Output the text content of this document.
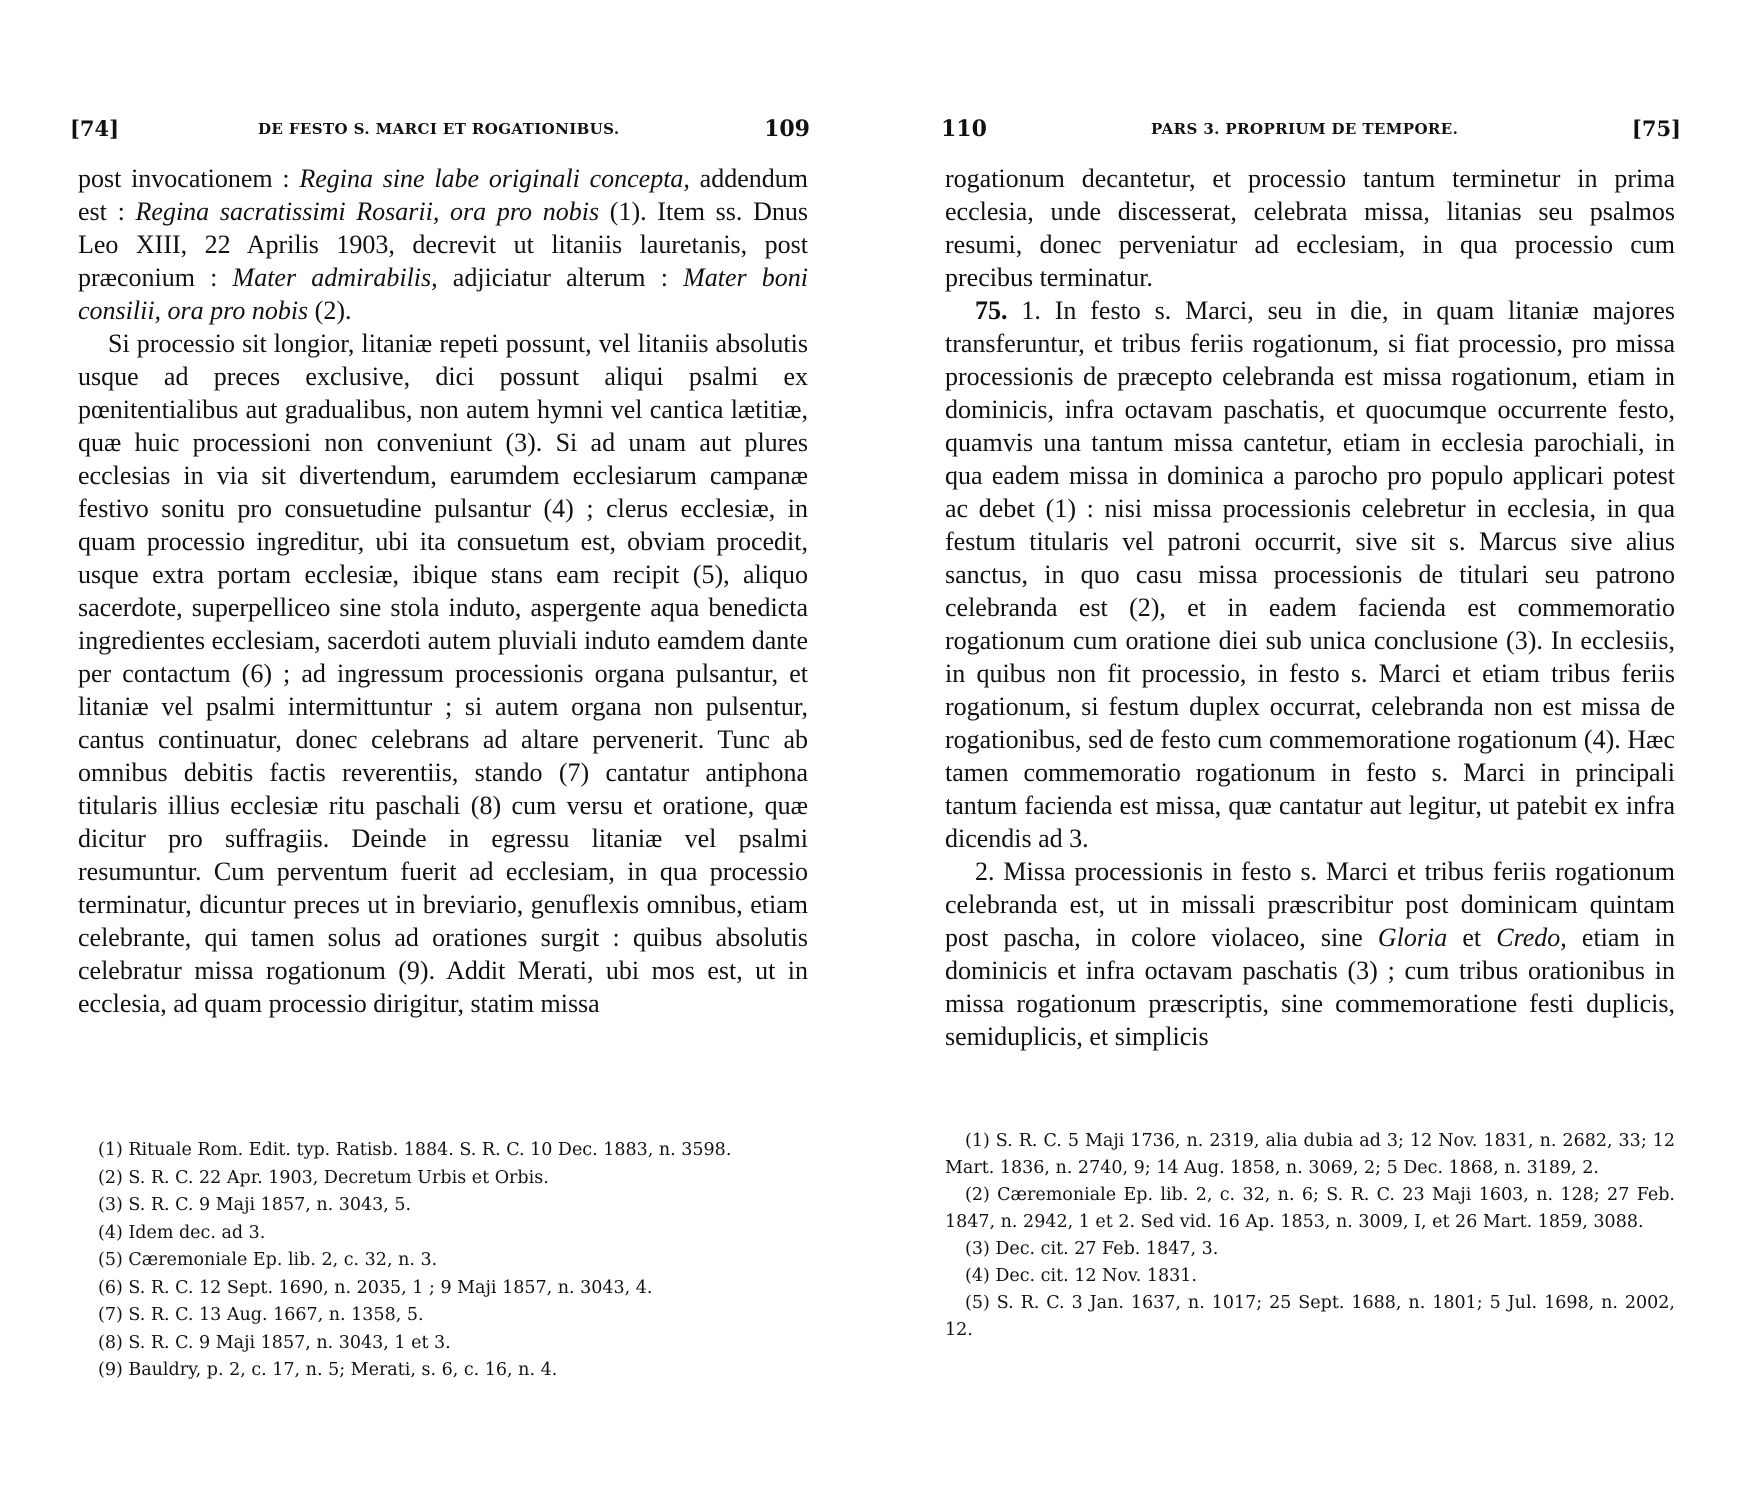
[74]	DE FESTO S. MARCI ET ROGATIONIBUS.	109

post invocationem : Regina sine labe originali concepta, addendum est : Regina sacratissimi Rosarii, ora pro nobis (1). Item ss. Dnus Leo XIII, 22 Aprilis 1903, decrevit ut litaniis lauretanis, post præconium : Mater admirabilis, adjiciatur alterum : Mater boni consilii, ora pro nobis (2).

Si processio sit longior, litaniæ repeti possunt, vel litaniis absolutis usque ad preces exclusive, dici possunt aliqui psalmi ex pœnitentialibus aut gradualibus, non autem hymni vel cantica lætitiæ, quæ huic processioni non conveniunt (3). Si ad unam aut plures ecclesias in via sit divertendum, earumdem ecclesiarum campanæ festivo sonitu pro consuetudine pulsantur (4) ; clerus ecclesiæ, in quam processio ingreditur, ubi ita consuetum est, obviam procedit, usque extra portam ecclesiæ, ibique stans eam recipit (5), aliquo sacerdote, superpelliceo sine stola induto, aspergente aqua benedicta ingredientes ecclesiam, sacerdoti autem pluviali induto eamdem dante per contactum (6) ; ad ingressum processionis organa pulsantur, et litaniæ vel psalmi intermittuntur ; si autem organa non pulsentur, cantus continuatur, donec celebrans ad altare pervenerit. Tunc ab omnibus debitis factis reverentiis, stando (7) cantatur antiphona titularis illius ecclesiæ ritu paschali (8) cum versu et oratione, quæ dicitur pro suffragiis. Deinde in egressu litaniæ vel psalmi resumuntur. Cum perventum fuerit ad ecclesiam, in qua processio terminatur, dicuntur preces ut in breviario, genuflexis omnibus, etiam celebrante, qui tamen solus ad orationes surgit : quibus absolutis celebratur missa rogationum (9). Addit Merati, ubi mos est, ut in ecclesia, ad quam processio dirigitur, statim missa

(1) Rituale Rom. Edit. typ. Ratisb. 1884. S. R. C. 10 Dec. 1883, n. 3598.

(2) S. R. C. 22 Apr. 1903, Decretum Urbis et Orbis.

(3) S. R. C. 9 Maji 1857, n. 3043, 5.

(4) Idem dec. ad 3.

(5) Cæremoniale Ep. lib. 2, c. 32, n. 3.

(6) S. R. C. 12 Sept. 1690, n. 2035, 1 ; 9 Maji 1857, n. 3043, 4.

(7) S. R. C. 13 Aug. 1667, n. 1358, 5.

(8) S. R. C. 9 Maji 1857, n. 3043, 1 et 3.

(9) Bauldry, p. 2, c. 17, n. 5; Merati, s. 6, c. 16, n. 4.

110	PARS 3. PROPRIUM DE TEMPORE.	[75]

rogationum decantetur, et processio tantum terminetur in prima ecclesia, unde discesserat, celebrata missa, litanias seu psalmos resumi, donec perveniatur ad ecclesiam, in qua processio cum precibus terminatur.

75. 1. In festo s. Marci, seu in die, in quam litaniæ majores transferuntur, et tribus feriis rogationum, si fiat processio, pro missa processionis de præcepto celebranda est missa rogationum, etiam in dominicis, infra octavam paschatis, et quocumque occurrente festo, quamvis una tantum missa cantetur, etiam in ecclesia parochiali, in qua eadem missa in dominica a parocho pro populo applicari potest ac debet (1) : nisi missa processionis celebretur in ecclesia, in qua festum titularis vel patroni occurrit, sive sit s. Marcus sive alius sanctus, in quo casu missa processionis de titulari seu patrono celebranda est (2), et in eadem facienda est commemoratio rogationum cum oratione diei sub unica conclusione (3). In ecclesiis, in quibus non fit processio, in festo s. Marci et etiam tribus feriis rogationum, si festum duplex occurrat, celebranda non est missa de rogationibus, sed de festo cum commemoratione rogationum (4). Hæc tamen commemoratio rogationum in festo s. Marci in principali tantum facienda est missa, quæ cantatur aut legitur, ut patebit ex infra dicendis ad 3.

2. Missa processionis in festo s. Marci et tribus feriis rogationum celebranda est, ut in missali præscribitur post dominicam quintam post pascha, in colore violaceo, sine Gloria et Credo, etiam in dominicis et infra octavam paschatis (3) ; cum tribus orationibus in missa rogationum præscriptis, sine commemoratione festi duplicis, semiduplicis, et simplicis

(1) S. R. C. 5 Maji 1736, n. 2319, alia dubia ad 3; 12 Nov. 1831, n. 2682, 33; 12 Mart. 1836, n. 2740, 9; 14 Aug. 1858, n. 3069, 2; 5 Dec. 1868, n. 3189, 2.

(2) Cæremoniale Ep. lib. 2, c. 32, n. 6; S. R. C. 23 Maji 1603, n. 128; 27 Feb. 1847, n. 2942, 1 et 2. Sed vid. 16 Ap. 1853, n. 3009, I, et 26 Mart. 1859, 3088.

(3) Dec. cit. 27 Feb. 1847, 3.

(4) Dec. cit. 12 Nov. 1831.

(5) S. R. C. 3 Jan. 1637, n. 1017; 25 Sept. 1688, n. 1801; 5 Jul. 1698, n. 2002, 12.
